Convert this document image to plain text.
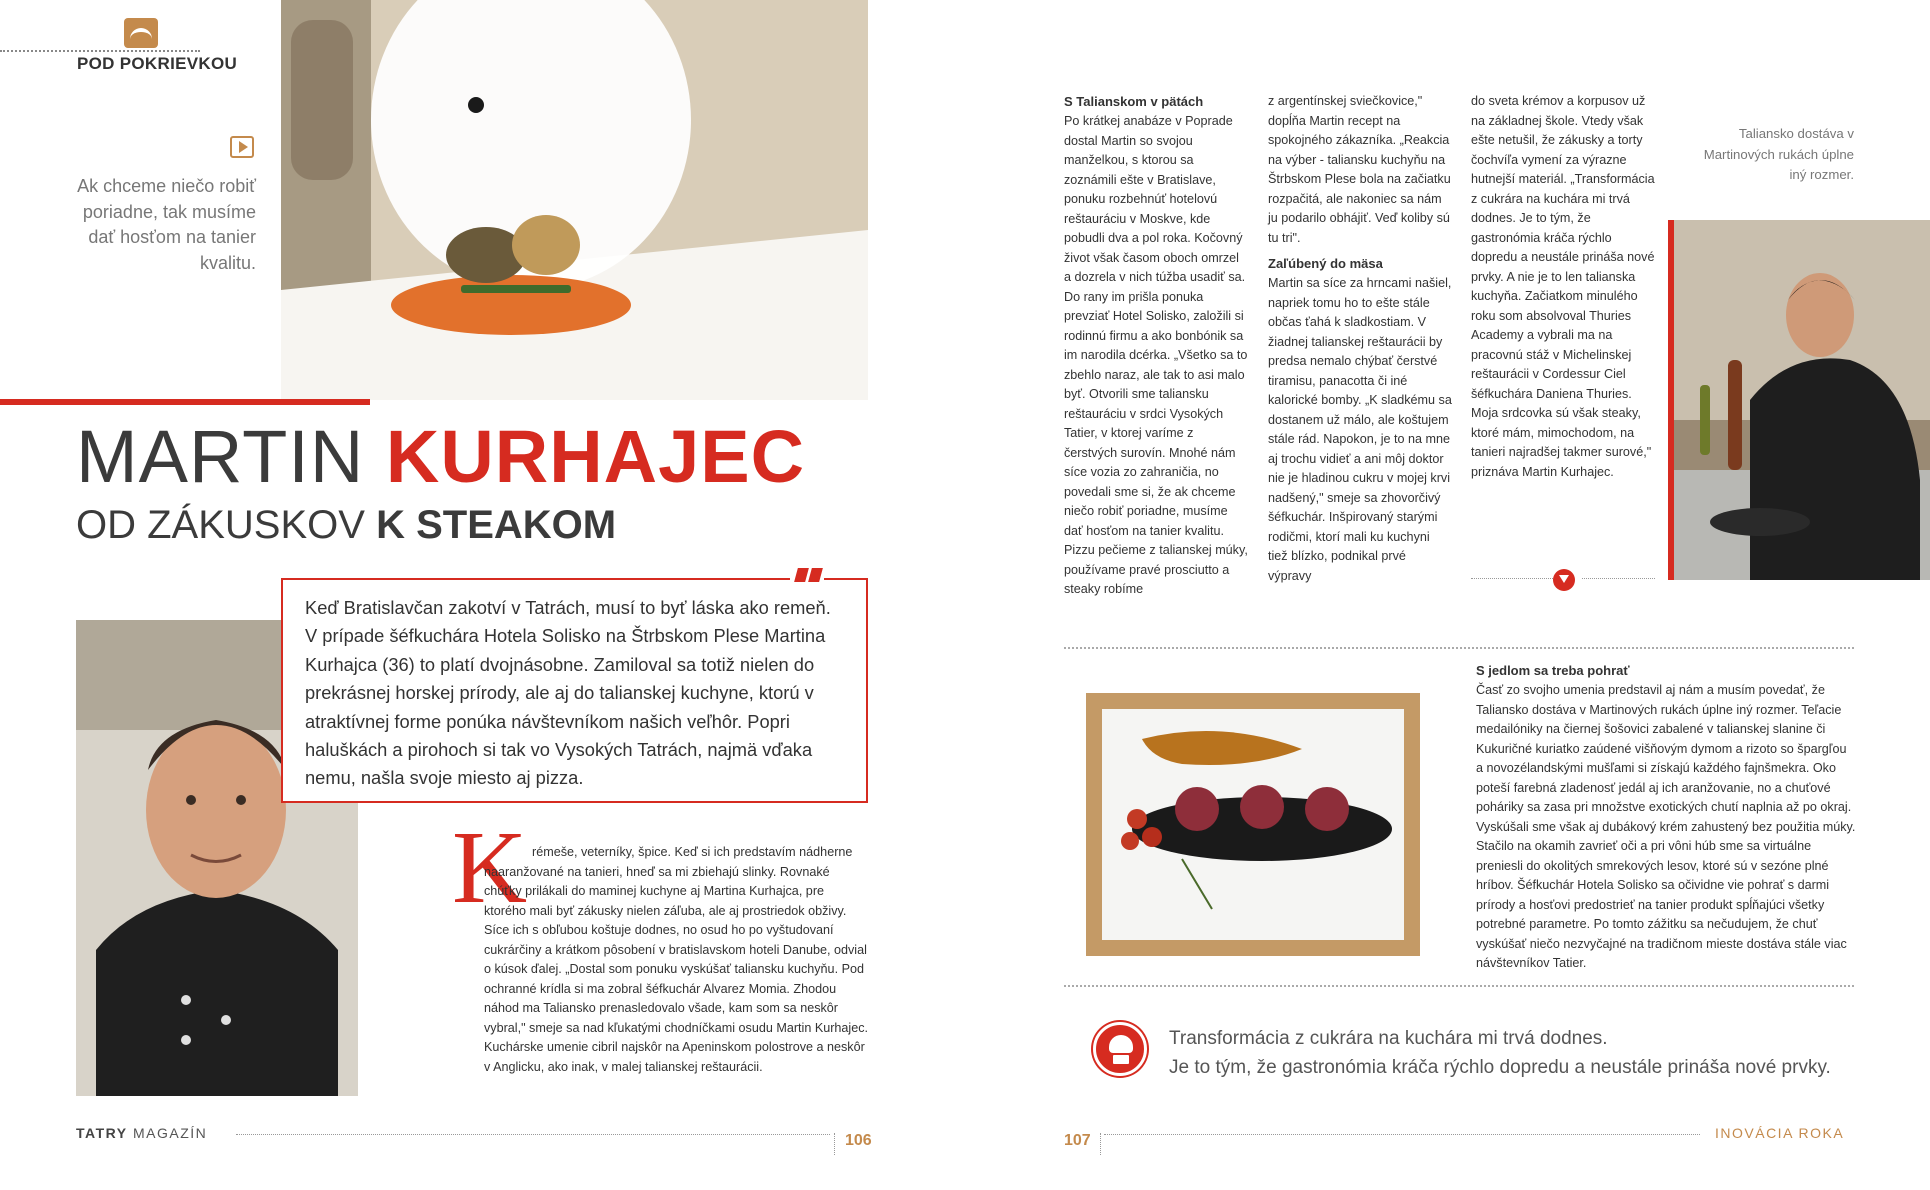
POD POKRIEVKOU
Ak chceme niečo robiť poriadne, tak musíme dať hosťom na tanier kvalitu.
MARTIN KURHAJEC
OD ZÁKUSKOV K STEAKOM

Keď Bratislavčan zakotví v Tatrách, musí to byť láska ako remeň. V prípade šéfkuchára Hotela Solisko na Štrbskom Plese Martina Kurhajca (36) to platí dvojnásobne. Zamiloval sa totiž nielen do prekrásnej horskej prírody, ale aj do talianskej kuchyne, ktorú v atraktívnej forme ponúka návštevníkom našich veľhôr. Popri haluškách a pirohoch si tak vo Vysokých Tatrách, najmä vďaka nemu, našla svoje miesto aj pizza.

K rémeše, veterníky, špice. Keď si ich predstavím nádherne naaranžované na tanieri, hneď sa mi zbiehajú slinky. Rovnaké chúťky prilákali do maminej kuchyne aj Martina Kurhajca, pre ktorého mali byť zákusky nielen záľuba, ale aj prostriedok obživy. Síce ich s obľubou koštuje dodnes, no osud ho po vyštudovaní cukrárčiny a krátkom pôsobení v bratislavskom hoteli Danube, odvial o kúsok ďalej. „Dostal som ponuku vyskúšať taliansku kuchyňu. Pod ochranné krídla si ma zobral šéfkuchár Alvarez Momia. Zhodou náhod ma Taliansko prenasledovalo všade, kam som sa neskôr vybral," smeje sa nad kľukatými chodníčkami osudu Martin Kurhajec. Kuchárske umenie cibril najskôr na Apeninskom polostrove a neskôr v Anglicku, ako inak, v malej talianskej reštaurácii.

TATRY MAGAZÍN	106
S Talianskom v pätách

Po krátkej anabáze v Poprade dostal Martin so svojou manželkou, s ktorou sa zoznámili ešte v Bratislave, ponuku rozbehnúť hotelovú reštauráciu v Moskve, kde pobudli dva a pol roka. Kočovný život však časom oboch omrzel a dozrela v nich túžba usadiť sa. Do rany im prišla ponuka prevziať Hotel Solisko, založili si rodinnú firmu a ako bonbónik sa im narodila dcérka. „Všetko sa to zbehlo naraz, ale tak to asi malo byť. Otvorili sme taliansku reštauráciu v srdci Vysokých Tatier, v ktorej varíme z čerstvých surovín. Mnohé nám síce vozia zo zahraničia, no povedali sme si, že ak chceme niečo robiť poriadne, musíme dať hosťom na tanier kvalitu. Pizzu pečieme z talianskej múky, používame pravé prosciutto a steaky robíme

z argentínskej sviečkovice," dopĺňa Martin recept na spokojného zákazníka. „Reakcia na výber - taliansku kuchyňu na Štrbskom Plese bola na začiatku rozpačitá, ale nakoniec sa nám ju podarilo obhájiť. Veď koliby sú tu tri".

Zaľúbený do mäsa

Martin sa síce za hrncami našiel, napriek tomu ho to ešte stále občas ťahá k sladkostiam. V žiadnej talianskej reštaurácii by predsa nemalo chýbať čerstvé tiramisu, panacotta či iné kalorické bomby. „K sladkému sa dostanem už málo, ale koštujem stále rád. Napokon, je to na mne aj trochu vidieť a ani môj doktor nie je hladinou cukru v mojej krvi nadšený," smeje sa zhovorčivý šéfkuchár. Inšpirovaný starými rodičmi, ktorí mali ku kuchyni tiež blízko, podnikal prvé výpravy

do sveta krémov a korpusov už na základnej škole. Vtedy však ešte netušil, že zákusky a torty čochvíľa vymení za výrazne hutnejší materiál. „Transformácia z cukrára na kuchára mi trvá dodnes. Je to tým, že gastronómia kráča rýchlo dopredu a neustále prináša nové prvky. A nie je to len talianska kuchyňa. Začiatkom minulého roku som absolvoval Thuries Academy a vybrali ma na pracovnú stáž v Michelinskej reštaurácii v Cordessur Ciel šéfkuchára Daniena Thuries. Moja srdcovka sú však steaky, ktoré mám, mimochodom, na tanieri najradšej takmer surové," priznáva Martin Kurhajec.

Taliansko dostáva v Martinových rukách úplne iný rozmer.
S jedlom sa treba pohrať

Časť zo svojho umenia predstavil aj nám a musím povedať, že Taliansko dostáva v Martinových rukách úplne iný rozmer. Teľacie medailóniky na čiernej šošovici zabalené v talianskej slanine či Kukuričné kuriatko zaúdené višňovým dymom a rizoto so špargľou a novozélandskými mušľami si získajú každého fajnšmekra. Oko poteší farebná zladenosť jedál aj ich aranžovanie, no a chuťové poháriky sa zasa pri množstve exotických chutí naplnia až po okraj. Vyskúšali sme však aj dubákový krém zahustený bez použitia múky. Stačilo na okamih zavrieť oči a pri vôni húb sme sa virtuálne preniesli do okolitých smrekových lesov, ktoré sú v sezóne plné hríbov. Šéfkuchár Hotela Solisko sa očividne vie pohrať s darmi prírody a hosťovi predostrieť na tanier produkt spĺňajúci všetky potrebné parametre. Po tomto zážitku sa nečudujem, že chuť vyskúšať niečo nezvyčajné na tradičnom mieste dostáva stále viac návštevníkov Tatier.

Transformácia z cukrára na kuchára mi trvá dodnes.
Je to tým, že gastronómia kráča rýchlo dopredu a neustále prináša nové prvky.
107	INOVÁCIA ROKA
